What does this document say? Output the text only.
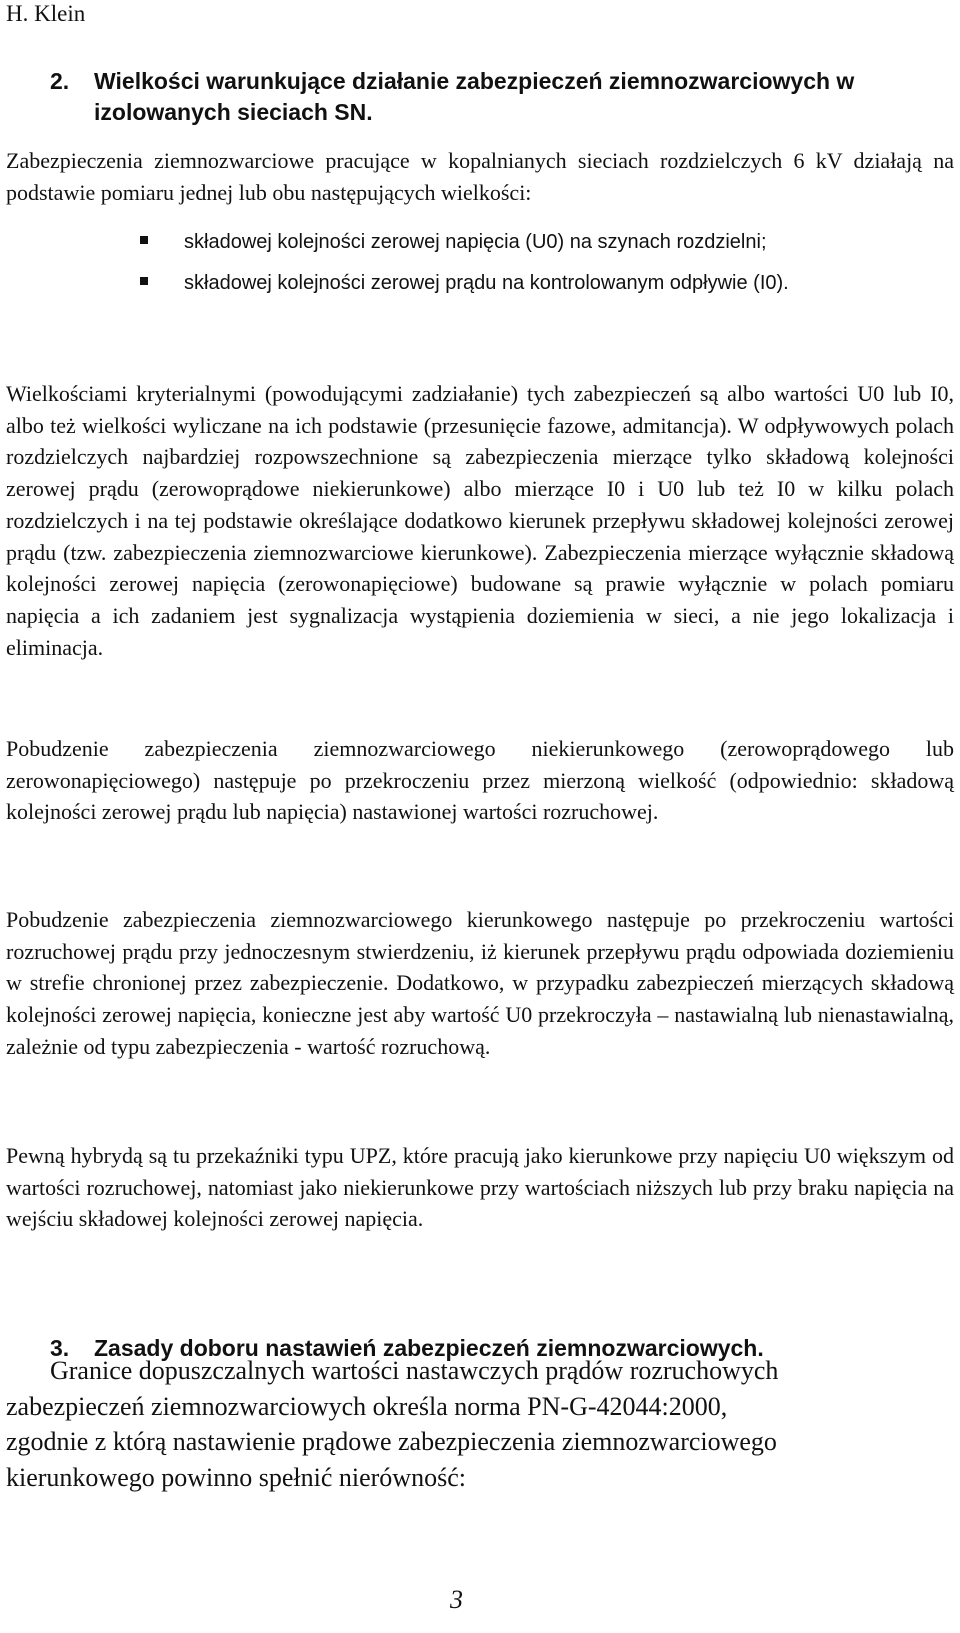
H. Klein
2. Wielkości warunkujące działanie zabezpieczeń ziemnozwarciowych w izolowanych sieciach SN.
Zabezpieczenia ziemnozwarciowe pracujące w kopalnianych sieciach rozdzielczych 6 kV działają na podstawie pomiaru jednej lub obu następujących wielkości:
składowej kolejności zerowej napięcia (U0) na szynach rozdzielni;
składowej kolejności zerowej prądu na kontrolowanym odpływie (I0).
Wielkościami kryterialnymi (powodującymi zadziałanie) tych zabezpieczeń są albo wartości U0 lub I0, albo też wielkości wyliczane na ich podstawie (przesunięcie fazowe, admitancja). W odpływowych polach rozdzielczych najbardziej rozpowszechnione są zabezpieczenia mierzące tylko składową kolejności zerowej prądu (zerowoprądowe niekierunkowe) albo mierzące I0 i U0 lub też I0 w kilku polach rozdzielczych i na tej podstawie określające dodatkowo kierunek przepływu składowej kolejności zerowej prądu (tzw. zabezpieczenia ziemnozwarciowe kierunkowe). Zabezpieczenia mierzące wyłącznie składową kolejności zerowej napięcia (zerowonapięciowe) budowane są prawie wyłącznie w polach pomiaru napięcia a ich zadaniem jest sygnalizacja wystąpienia doziemienia w sieci, a nie jego lokalizacja i eliminacja.
Pobudzenie zabezpieczenia ziemnozwarciowego niekierunkowego (zerowoprądowego lub zerowonapięciowego) następuje po przekroczeniu przez mierzoną wielkość (odpowiednio: składową kolejności zerowej prądu lub napięcia) nastawionej wartości rozruchowej.
Pobudzenie zabezpieczenia ziemnozwarciowego kierunkowego następuje po przekroczeniu wartości rozruchowej prądu przy jednoczesnym stwierdzeniu, iż kierunek przepływu prądu odpowiada doziemieniu w strefie chronionej przez zabezpieczenie. Dodatkowo, w przypadku zabezpieczeń mierzących składową kolejności zerowej napięcia, konieczne jest aby wartość U0 przekroczyła – nastawialną lub nienastawialną, zależnie od typu zabezpieczenia - wartość rozruchową.
Pewną hybrydą są tu przekaźniki typu UPZ, które pracują jako kierunkowe przy napięciu U0 większym od wartości rozruchowej, natomiast jako niekierunkowe przy wartościach niższych lub przy braku napięcia na wejściu składowej kolejności zerowej napięcia.
3. Zasady doboru nastawień zabezpieczeń ziemnozwarciowych.
Granice dopuszczalnych wartości nastawczych prądów rozruchowych
zabezpieczeń ziemnozwarciowych określa norma PN-G-42044:2000,
zgodnie z którą nastawienie prądowe zabezpieczenia ziemnozwarciowego
kierunkowego powinno spełnić nierówność:
3
